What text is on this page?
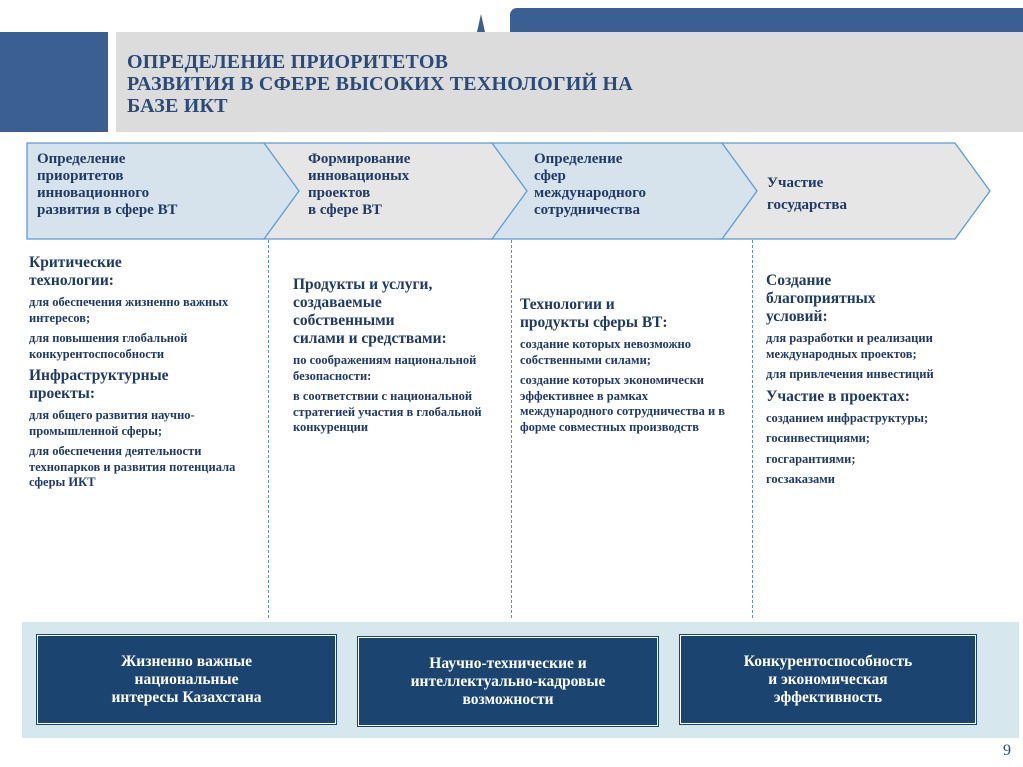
ОПРЕДЕЛЕНИЕ ПРИОРИТЕТОВ
РАЗВИТИЯ В СФЕРЕ ВЫСОКИХ ТЕХНОЛОГИЙ НА
БАЗЕ ИКТ
Определение
приоритетов
инновационного
развития в сфере ВТ
Формирование
инновационых
проектов
в сфере ВТ
Определение
сфер
международного
сотрудничества
Участие
государства
Критические
технологии:
для обеспечения жизненно важных интересов;
для повышения глобальной конкурентоспособности
Инфраструктурные
проекты:
для общего развития научно-промышленной сферы;
для обеспечения деятельности технопарков и развития потенциала сферы ИКТ
Продукты и услуги,
создаваемые
собственными
силами и средствами:
по соображениям национальной безопасности:
в соответствии с национальной стратегией участия в глобальной конкуренции
Технологии и
продукты сферы ВТ:
создание которых невозможно собственными силами;
создание которых экономически эффективнее в рамках международного сотрудничества и в форме совместных производств
Создание
благоприятных
условий:
для разработки и реализации международных проектов;
для привлечения инвестиций
Участие в проектах:
созданием инфраструктуры;
госинвестициями;
госгарантиями;
госзаказами
Жизненно важные
национальные
интересы Казахстана
Научно-технические и
интеллектуально-кадровые
возможности
Конкурентоспособность
и экономическая
эффективность
9
